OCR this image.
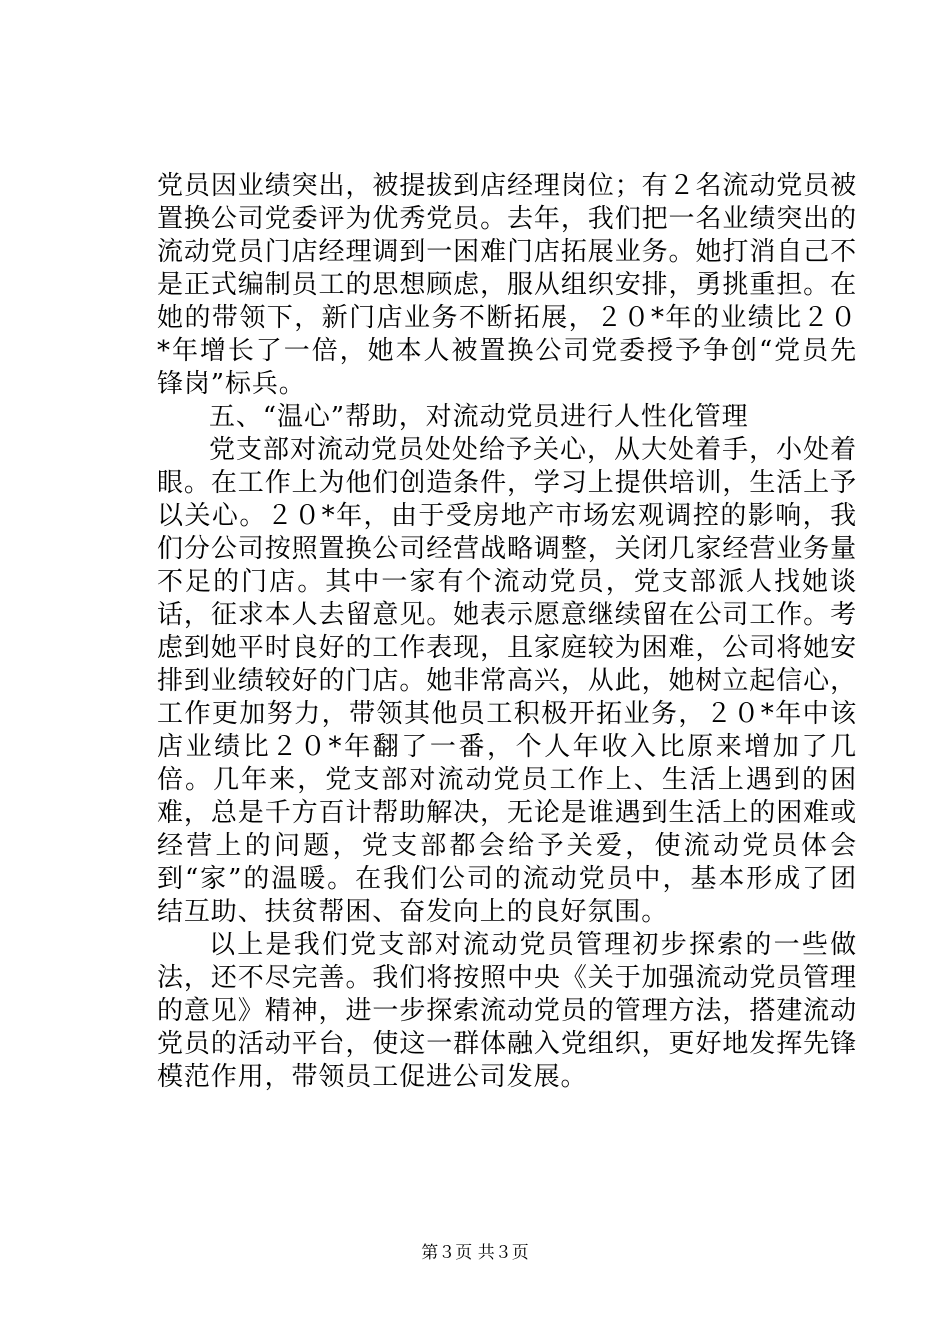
党员因业绩突出，被提拔到店经理岗位；有２名流动党员被置换公司党委评为优秀党员。去年，我们把一名业绩突出的流动党员门店经理调到一困难门店拓展业务。她打消自己不是正式编制员工的思想顾虑，服从组织安排，勇挑重担。在她的带领下，新门店业务不断拓展，２０*年的业绩比２０*年增长了一倍，她本人被置换公司党委授予争创“党员先锋岗”标兵。

五、“温心”帮助，对流动党员进行人性化管理

党支部对流动党员处处给予关心，从大处着手，小处着眼。在工作上为他们创造条件，学习上提供培训，生活上予以关心。２０*年，由于受房地产市场宏观调控的影响，我们分公司按照置换公司经营战略调整，关闭几家经营业务量不足的门店。其中一家有个流动党员，党支部派人找她谈话，征求本人去留意见。她表示愿意继续留在公司工作。考虑到她平时良好的工作表现，且家庭较为困难，公司将她安排到业绩较好的门店。她非常高兴，从此，她树立起信心，工作更加努力，带领其他员工积极开拓业务，２０*年中该店业绩比２０*年翻了一番，个人年收入比原来增加了几倍。几年来，党支部对流动党员工作上、生活上遇到的困难，总是千方百计帮助解决，无论是谁遇到生活上的困难或经营上的问题，党支部都会给予关爱，使流动党员体会到“家”的温暖。在我们公司的流动党员中，基本形成了团结互助、扶贫帮困、奋发向上的良好氛围。

以上是我们党支部对流动党员管理初步探索的一些做法，还不尽完善。我们将按照中央《关于加强流动党员管理的意见》精神，进一步探索流动党员的管理方法，搭建流动党员的活动平台，使这一群体融入党组织，更好地发挥先锋模范作用，带领员工促进公司发展。

第３页 共３页
